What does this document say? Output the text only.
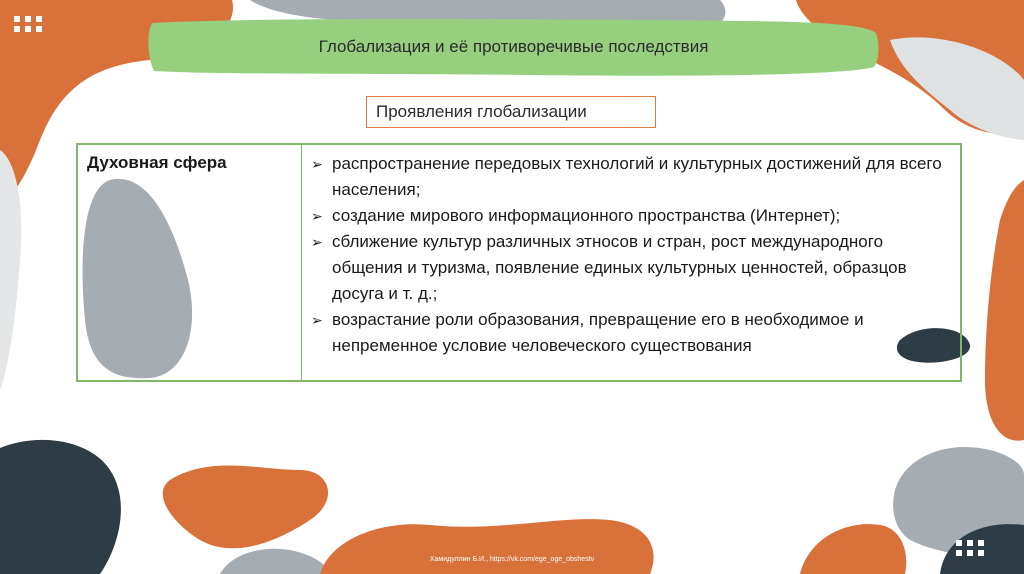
Глобализация и её противоречивые последствия
Проявления глобализации
Духовная сфера	➢ распространение передовых технологий и культурных достижений для всего населения;
➢ создание мирового информационного пространства (Интернет);
➢ сближение культур различных этносов и стран, рост международного общения и туризма, появление единых культурных ценностей, образцов досуга и т. д.;
➢ возрастание роли образования, превращение его в необходимое и непременное условие человеческого существования
Хамидуллин Б.И., https://vk.com/ege_oge_obshestv
